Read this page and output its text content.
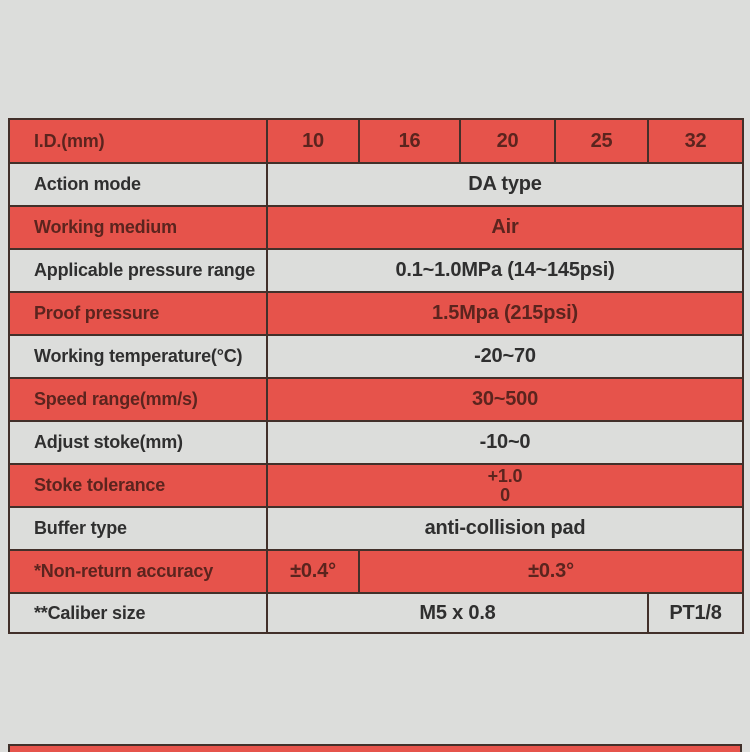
I.D.(mm)	10	16	20	25	32
Action mode	DA type				
Working medium	Air				
Applicable pressure range	0.1~1.0MPa (14~145psi)				
Proof pressure	1.5Mpa (215psi)				
Working temperature(°C)	-20~70				
Speed range(mm/s)	30~500				
Adjust stoke(mm)	-10~0				
Stoke tolerance	+1.0
0				

Buffer type	anti-collision pad				
*Non-return accuracy	±0.4°	±0.3°			
**Caliber size	M5 x 0.8				PT1/8
